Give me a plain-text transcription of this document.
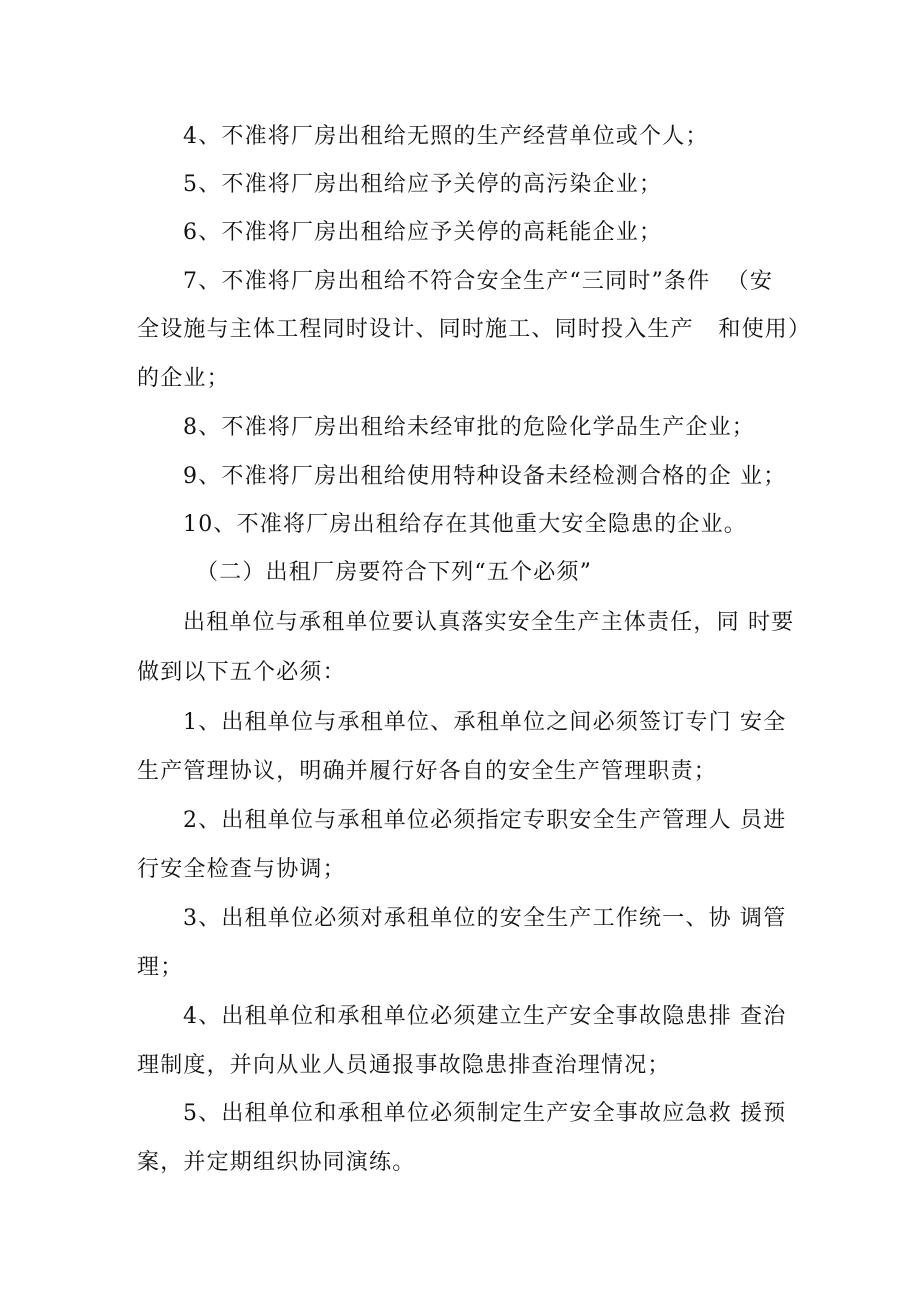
4、不准将厂房出租给无照的生产经营单位或个人；
5、不准将厂房出租给应予关停的高污染企业；
6、不准将厂房出租给应予关停的高耗能企业；
7、不准将厂房出租给不符合安全生产“三同时”条件  （安
全设施与主体工程同时设计、同时施工、同时投入生产   和使用）
的企业；
8、不准将厂房出租给未经审批的危险化学品生产企业；
9、不准将厂房出租给使用特种设备未经检测合格的企 业；
10、不准将厂房出租给存在其他重大安全隐患的企业。
（二）出租厂房要符合下列“五个必须”
出租单位与承租单位要认真落实安全生产主体责任，同 时要
做到以下五个必须：
1、出租单位与承租单位、承租单位之间必须签订专门 安全
生产管理协议，明确并履行好各自的安全生产管理职责；
2、出租单位与承租单位必须指定专职安全生产管理人 员进
行安全检查与协调；
3、出租单位必须对承租单位的安全生产工作统一、协 调管
理；
4、出租单位和承租单位必须建立生产安全事故隐患排 查治
理制度，并向从业人员通报事故隐患排查治理情况；
5、出租单位和承租单位必须制定生产安全事故应急救 援预
案，并定期组织协同演练。
